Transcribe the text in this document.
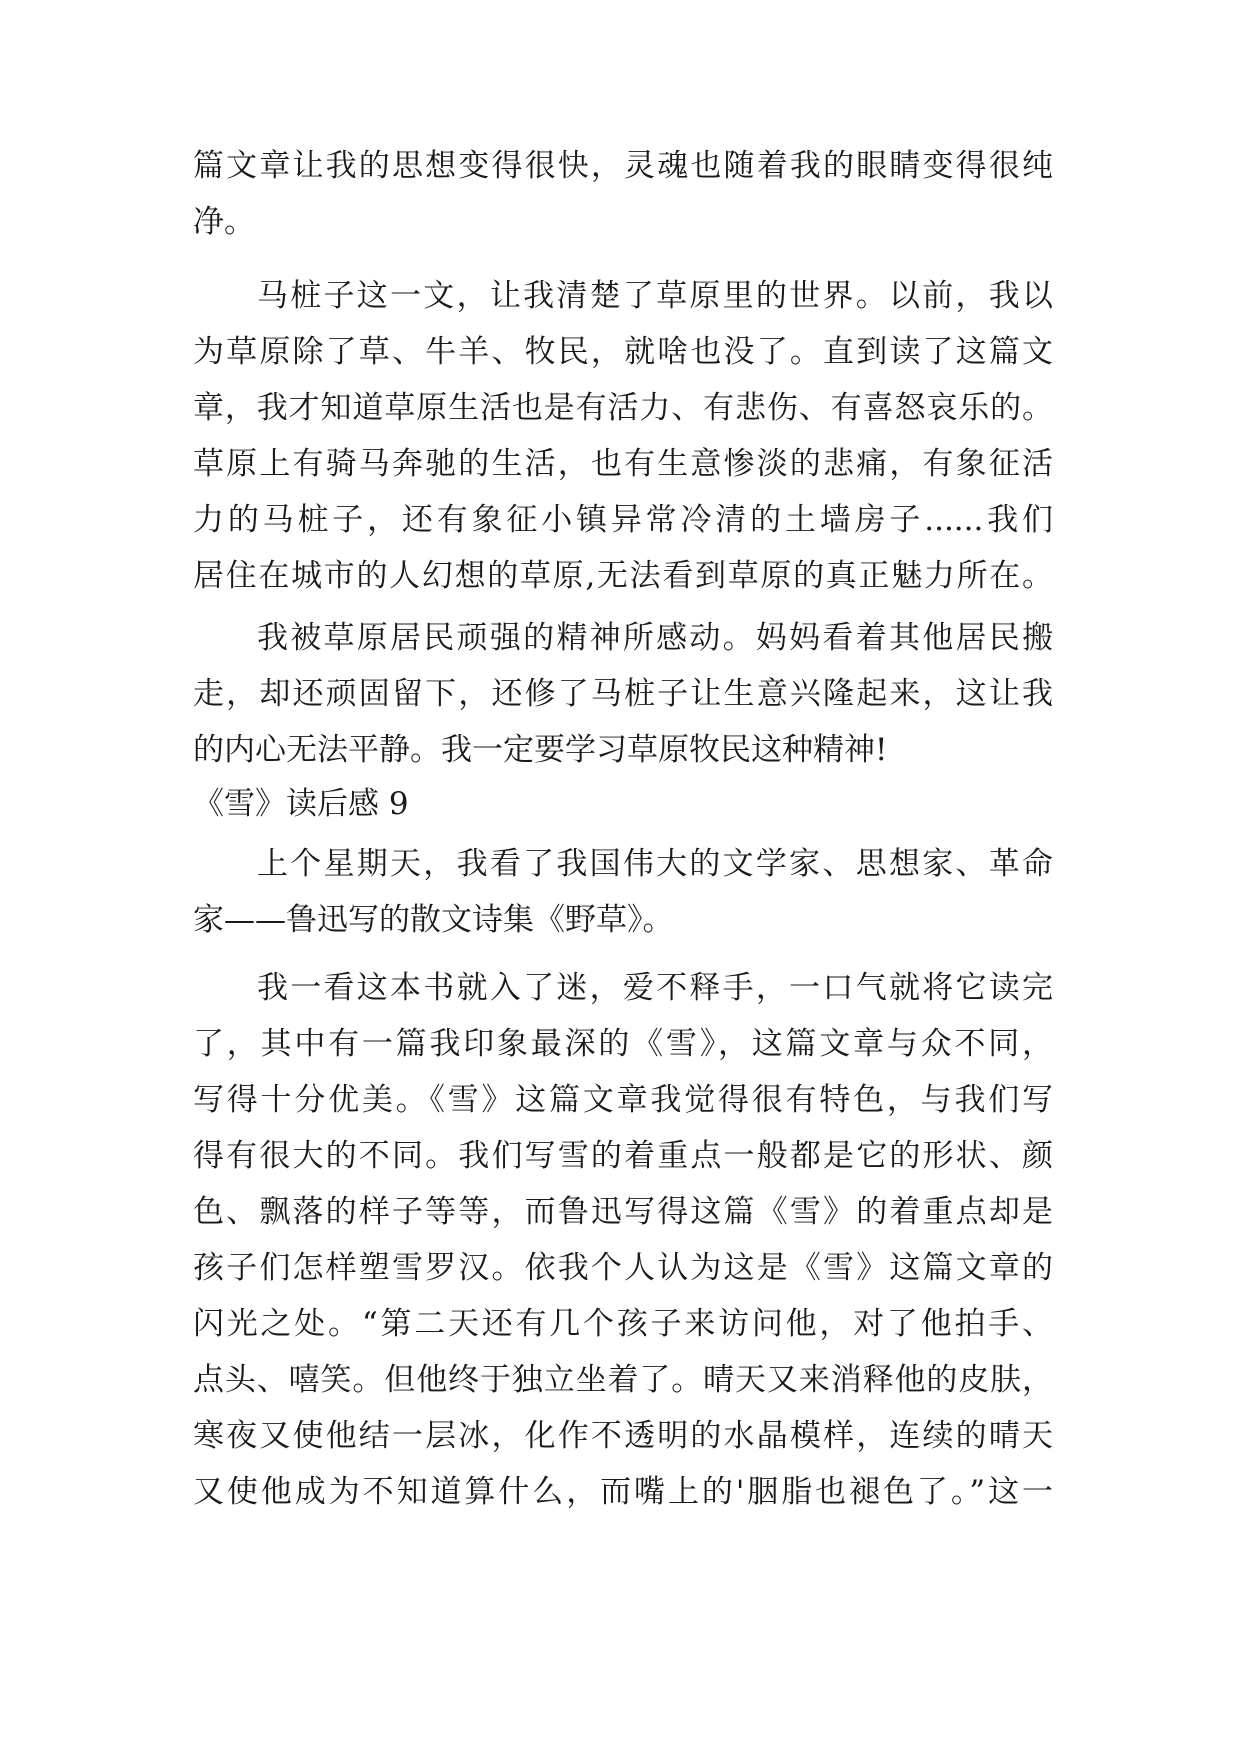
篇文章让我的思想变得很快，灵魂也随着我的眼睛变得很纯
净。
马桩子这一文，让我清楚了草原里的世界。以前，我以
为草原除了草、牛羊、牧民，就啥也没了。直到读了这篇文
章，我才知道草原生活也是有活力、有悲伤、有喜怒哀乐的。
草原上有骑马奔驰的生活，也有生意惨淡的悲痛，有象征活
力的马桩子，还有象征小镇异常冷清的土墙房子......我们
居住在城市的人幻想的草原,无法看到草原的真正魅力所在。
我被草原居民顽强的精神所感动。妈妈看着其他居民搬
走，却还顽固留下，还修了马桩子让生意兴隆起来，这让我
的内心无法平静。我一定要学习草原牧民这种精神!
《雪》读后感 9
上个星期天，我看了我国伟大的文学家、思想家、革命
家——鲁迅写的散文诗集《野草》。
我一看这本书就入了迷，爱不释手，一口气就将它读完
了，其中有一篇我印象最深的《雪》，这篇文章与众不同，
写得十分优美。《雪》这篇文章我觉得很有特色，与我们写
得有很大的不同。我们写雪的着重点一般都是它的形状、颜
色、飘落的样子等等，而鲁迅写得这篇《雪》的着重点却是
孩子们怎样塑雪罗汉。依我个人认为这是《雪》这篇文章的
闪光之处。“第二天还有几个孩子来访问他，对了他拍手、
点头、嘻笑。但他终于独立坐着了。晴天又来消释他的皮肤，
寒夜又使他结一层冰，化作不透明的水晶模样，连续的晴天
又使他成为不知道算什么，而嘴上的'胭脂也褪色了。”这一
